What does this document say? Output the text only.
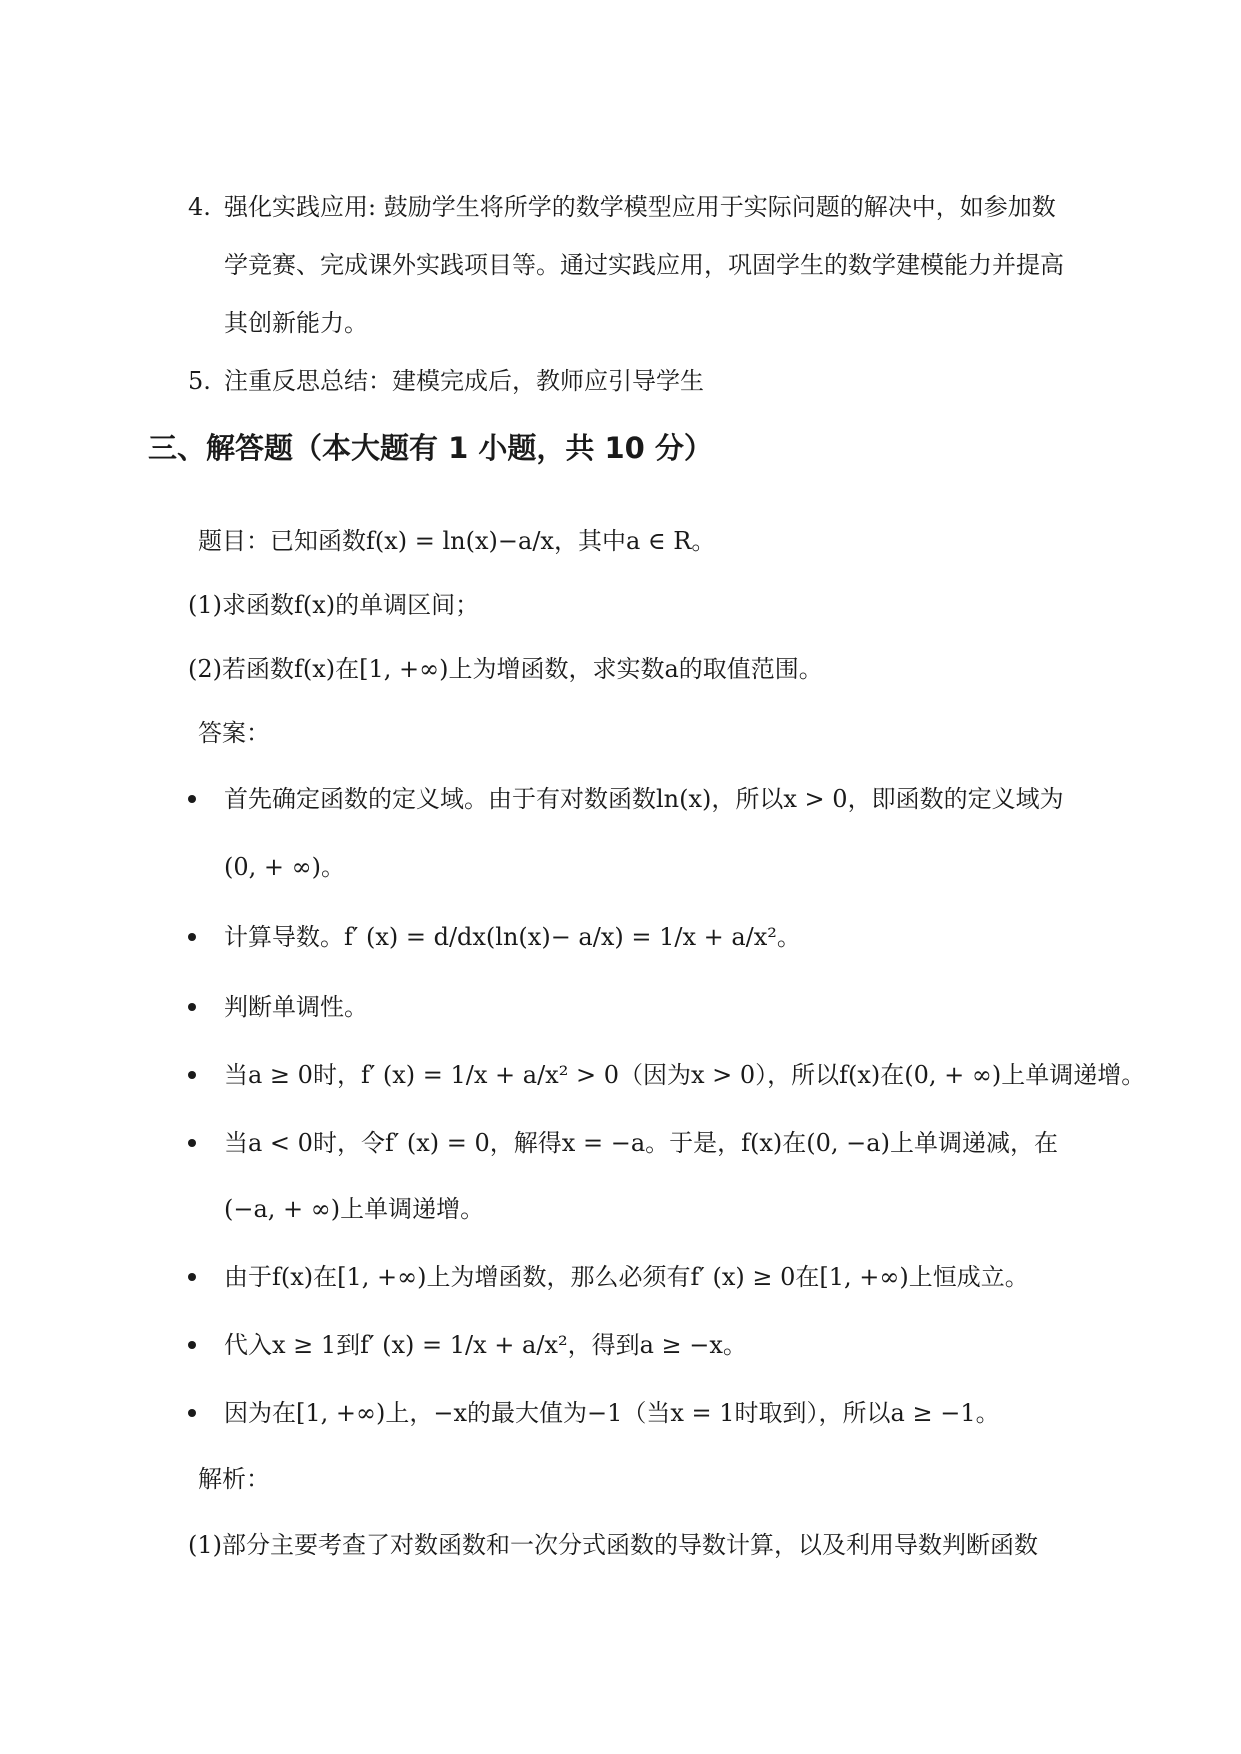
4. 强化实践应用: 鼓励学生将所学的数学模型应用于实际问题的解决中，如参加数
学竞赛、完成课外实践项目等。通过实践应用，巩固学生的数学建模能力并提高
其创新能力。
5. 注重反思总结：建模完成后，教师应引导学生
三、解答题（本大题有 1 小题，共 10 分）
题目：已知函数f(x) = ln(x)−a/x，其中a ∈ R。
(1)求函数f(x)的单调区间；
(2)若函数f(x)在[1, +∞)上为增函数，求实数a的取值范围。
答案：
首先确定函数的定义域。由于有对数函数ln(x)，所以x > 0，即函数的定义域为
(0, + ∞)。
计算导数。f′ (x) = d/dx(ln(x)− a/x) = 1/x + a/x²。
判断单调性。
当a ≥ 0时，f′ (x) = 1/x + a/x² > 0（因为x > 0），所以f(x)在(0, + ∞)上单调递增。
当a < 0时，令f′ (x) = 0，解得x = −a。于是，f(x)在(0, −a)上单调递减，在
(−a, + ∞)上单调递增。
由于f(x)在[1, +∞)上为增函数，那么必须有f′ (x) ≥ 0在[1, +∞)上恒成立。
代入x ≥ 1到f′ (x) = 1/x + a/x²，得到a ≥ −x。
因为在[1, +∞)上，−x的最大值为−1（当x = 1时取到），所以a ≥ −1。
解析：
(1)部分主要考查了对数函数和一次分式函数的导数计算，以及利用导数判断函数
